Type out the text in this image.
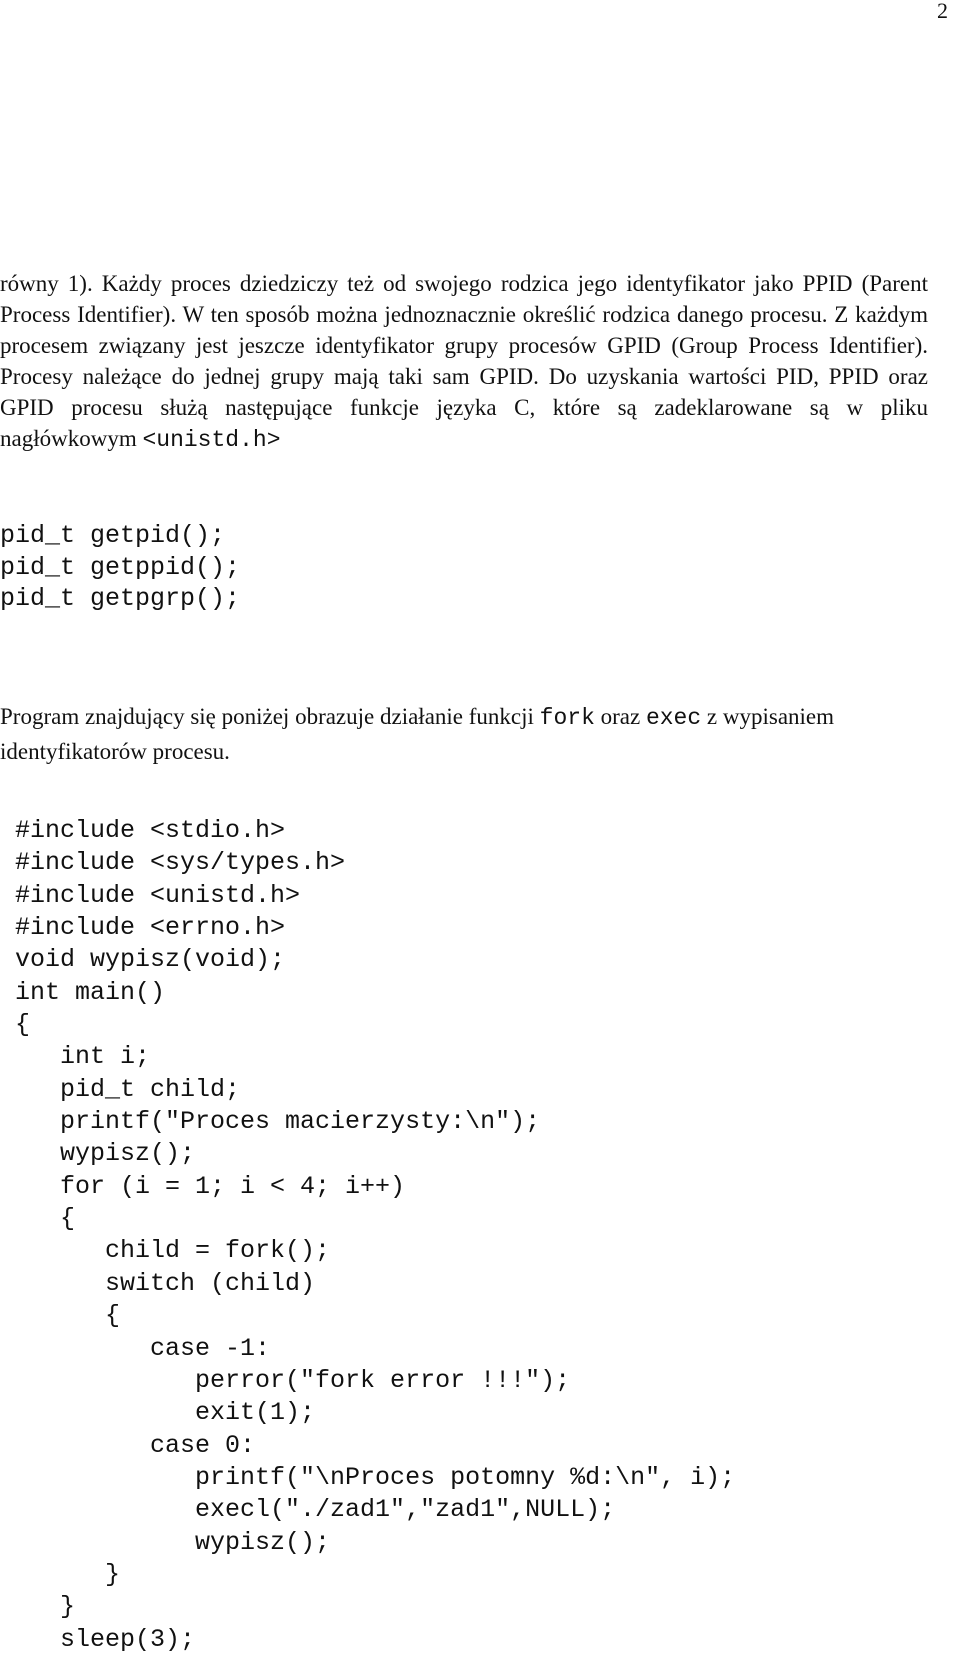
2

równy 1). Każdy proces dziedziczy też od swojego rodzica jego identyfikator jako PPID (Parent Process Identifier). W ten sposób można jednoznacznie określić rodzica danego procesu. Z każdym procesem związany jest jeszcze identyfikator grupy procesów GPID (Group Process Identifier). Procesy należące do jednej grupy mają taki sam GPID. Do uzyskania wartości PID, PPID oraz GPID procesu służą następujące funkcje języka C, które są zadeklarowane są w pliku nagłówkowym <unistd.h>

pid_t getpid();
pid_t getppid();
pid_t getpgrp();

Program znajdujący się poniżej obrazuje działanie funkcji fork oraz exec z wypisaniem identyfikatorów procesu.

#include <stdio.h>
#include <sys/types.h>
#include <unistd.h>
#include <errno.h>
void wypisz(void);
int main()
{
int i;
pid_t child;
printf("Proces macierzysty:\n");
wypisz();
for (i = 1; i < 4; i++)
{
child = fork();
switch (child)
{
case -1:
perror("fork error !!!");
exit(1);
case 0:
printf("\nProces potomny %d:\n", i);
execl("./zad1","zad1",NULL);
wypisz();
}
}
sleep(3);
